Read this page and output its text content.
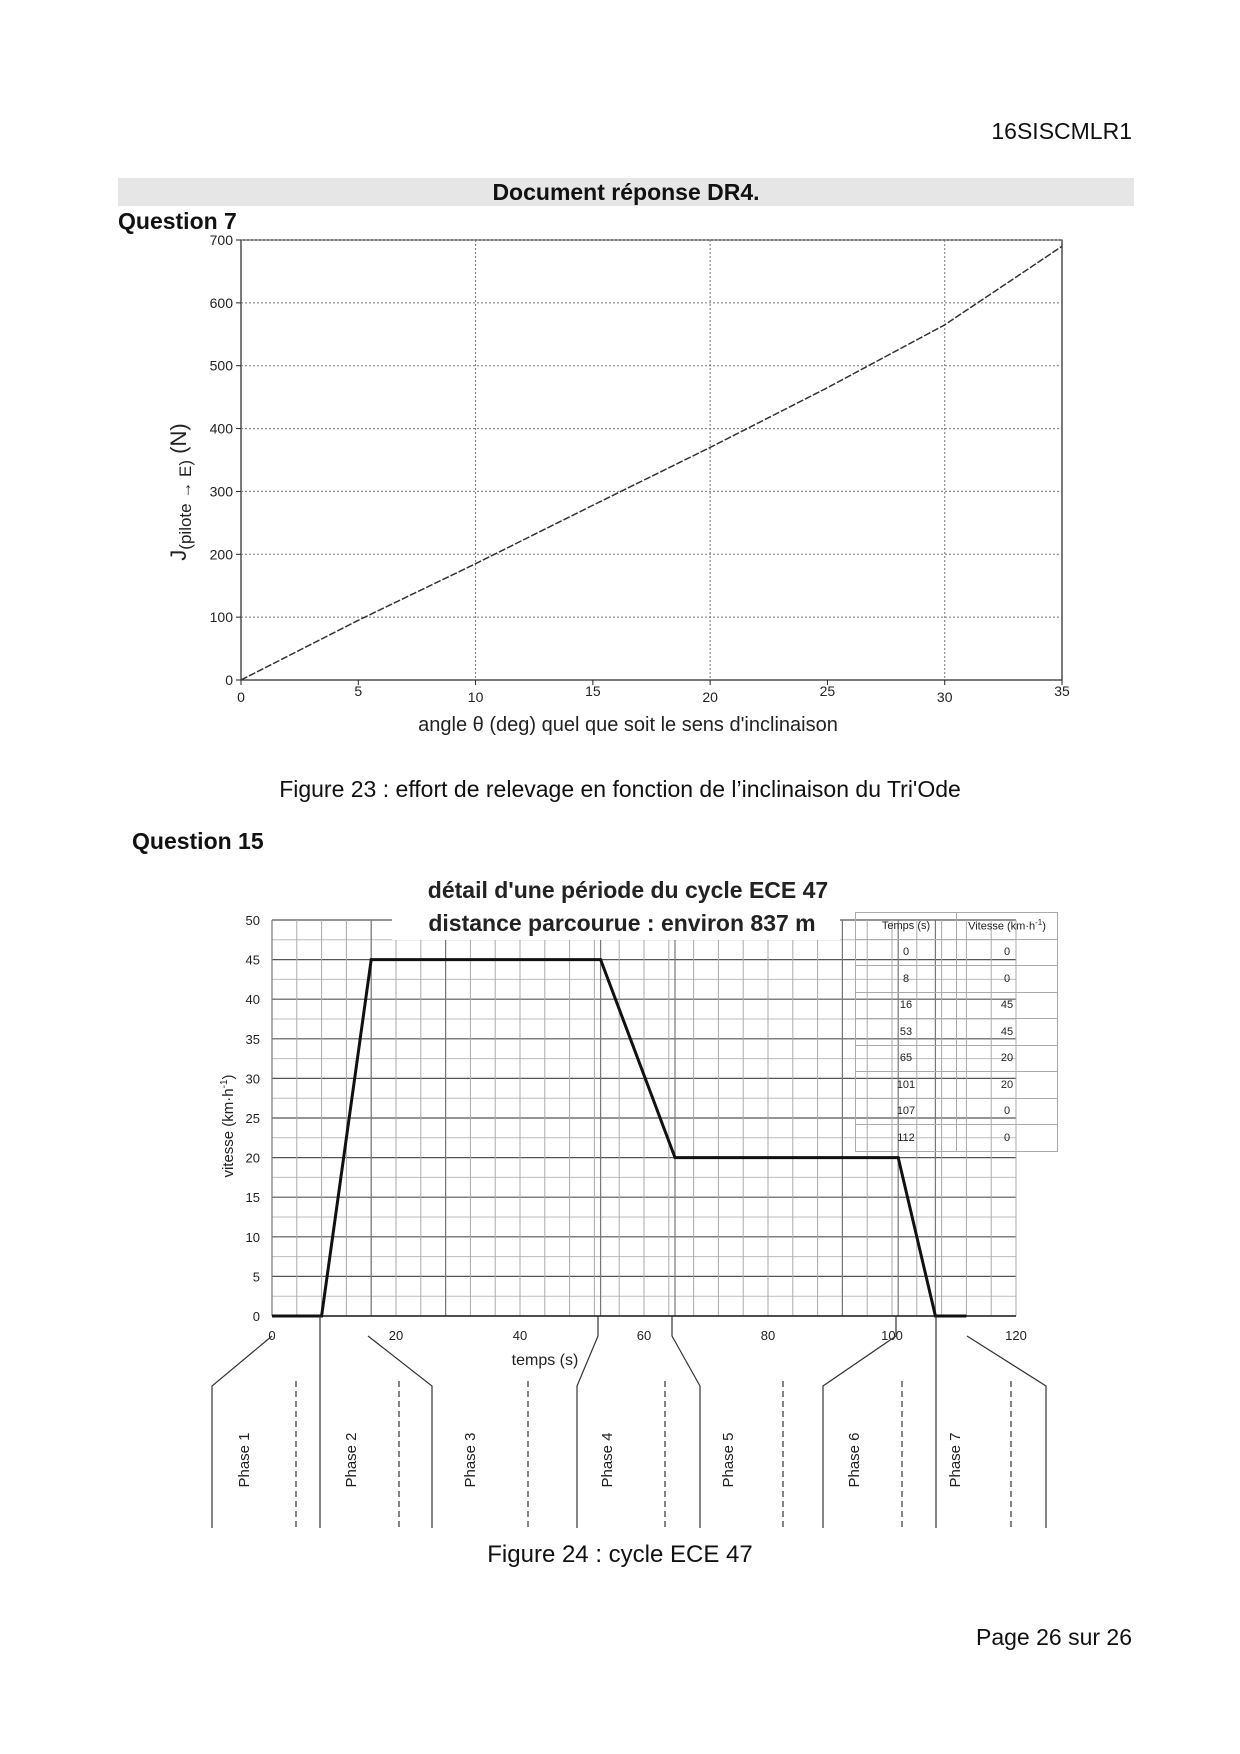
16SISCMLR1
Document réponse DR4.
Question 7
0
100
200
300
400
500
600
700
0	5	10	15	20	25	30	35
$J_{(pilote \to E)}$ (N)
angle θ (deg) quel que soit le sens d'inclinaison
Figure 23 : effort de relevage en fonction de l’inclinaison du Tri'Ode
Question 15
détail d'une période du cycle ECE 47
distance parcourue : environ 837 m
0
5
10
15
20
25
30
35
40
45
50
0	20	40	60	80	100	120
vitesse $(km\cdot h^{-1})$
temps (s)
Phase 1	Phase 2	Phase 3	Phase 4	Phase 5	Phase 6	Phase 7
Temps (s)	Vitesse $(km\cdot h^{-1})$
0	0
8	0
16	45
53	45
65	20
101	20
107	0
112	0
Figure 24 : cycle ECE 47
Page 26 sur 26
